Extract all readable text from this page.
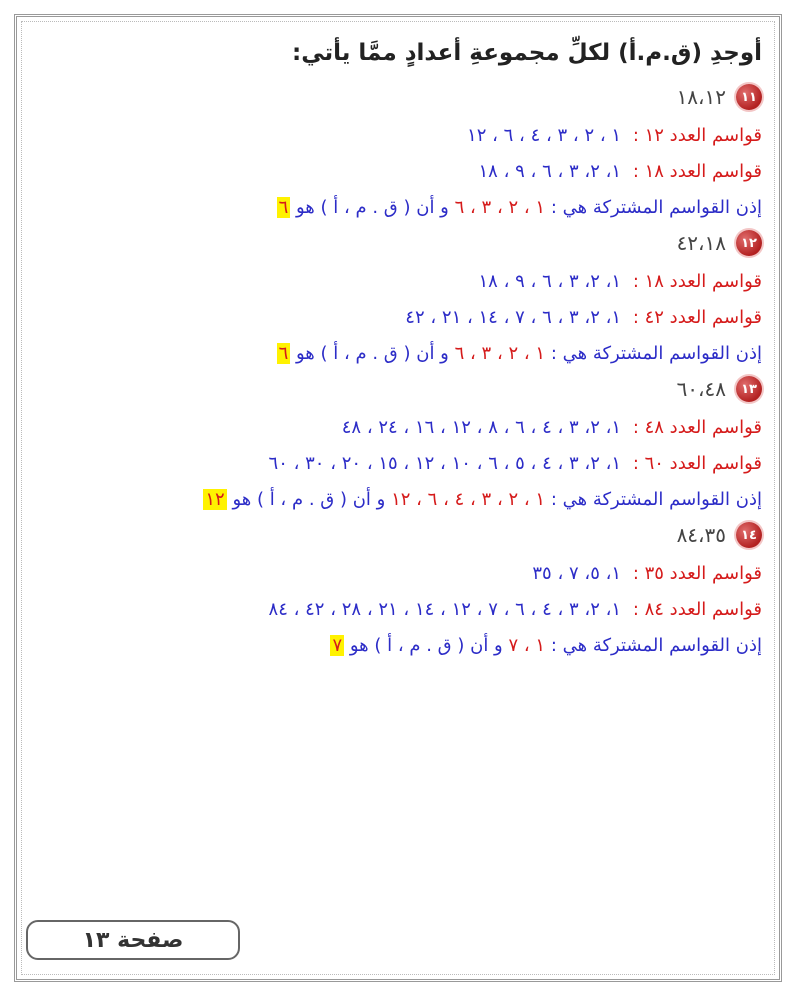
أوجدِ (ق.م.أ) لكلِّ مجموعةِ أعدادٍ ممَّا يأتي:
١١
١٨،١٢
قواسم العدد ١٢ : ١ ، ٢ ، ٣ ، ٤ ، ٦ ، ١٢
قواسم العدد ١٨ : ١، ٢، ٣ ، ٦ ، ٩ ، ١٨
إذن القواسم المشتركة هي : ١ ، ٢ ، ٣ ، ٦ و أن ( ق . م ، أ ) هو ٦
١٢
٤٢،١٨
قواسم العدد ١٨ : ١، ٢، ٣ ، ٦ ، ٩ ، ١٨
قواسم العدد ٤٢ : ١، ٢، ٣ ، ٦ ، ٧ ، ١٤ ، ٢١ ، ٤٢
إذن القواسم المشتركة هي : ١ ، ٢ ، ٣ ، ٦ و أن ( ق . م ، أ ) هو ٦
١٣
٦٠،٤٨
قواسم العدد ٤٨ : ١، ٢، ٣ ، ٤ ، ٦ ، ٨ ، ١٢ ، ١٦ ، ٢٤ ، ٤٨
قواسم العدد ٦٠ : ١، ٢، ٣ ، ٤ ، ٥ ، ٦ ، ١٠ ، ١٢ ، ١٥ ، ٢٠ ، ٣٠ ، ٦٠
إذن القواسم المشتركة هي : ١ ، ٢ ، ٣ ، ٤ ، ٦ ، ١٢ و أن ( ق . م ، أ ) هو ١٢
١٤
٨٤،٣٥
قواسم العدد ٣٥ : ١، ٥، ٧ ، ٣٥
قواسم العدد ٨٤ : ١، ٢، ٣ ، ٤ ، ٦ ، ٧ ، ١٢ ، ١٤ ، ٢١ ، ٢٨ ، ٤٢ ، ٨٤
إذن القواسم المشتركة هي : ١ ، ٧ و أن ( ق . م ، أ ) هو ٧
صفحة ١٣
